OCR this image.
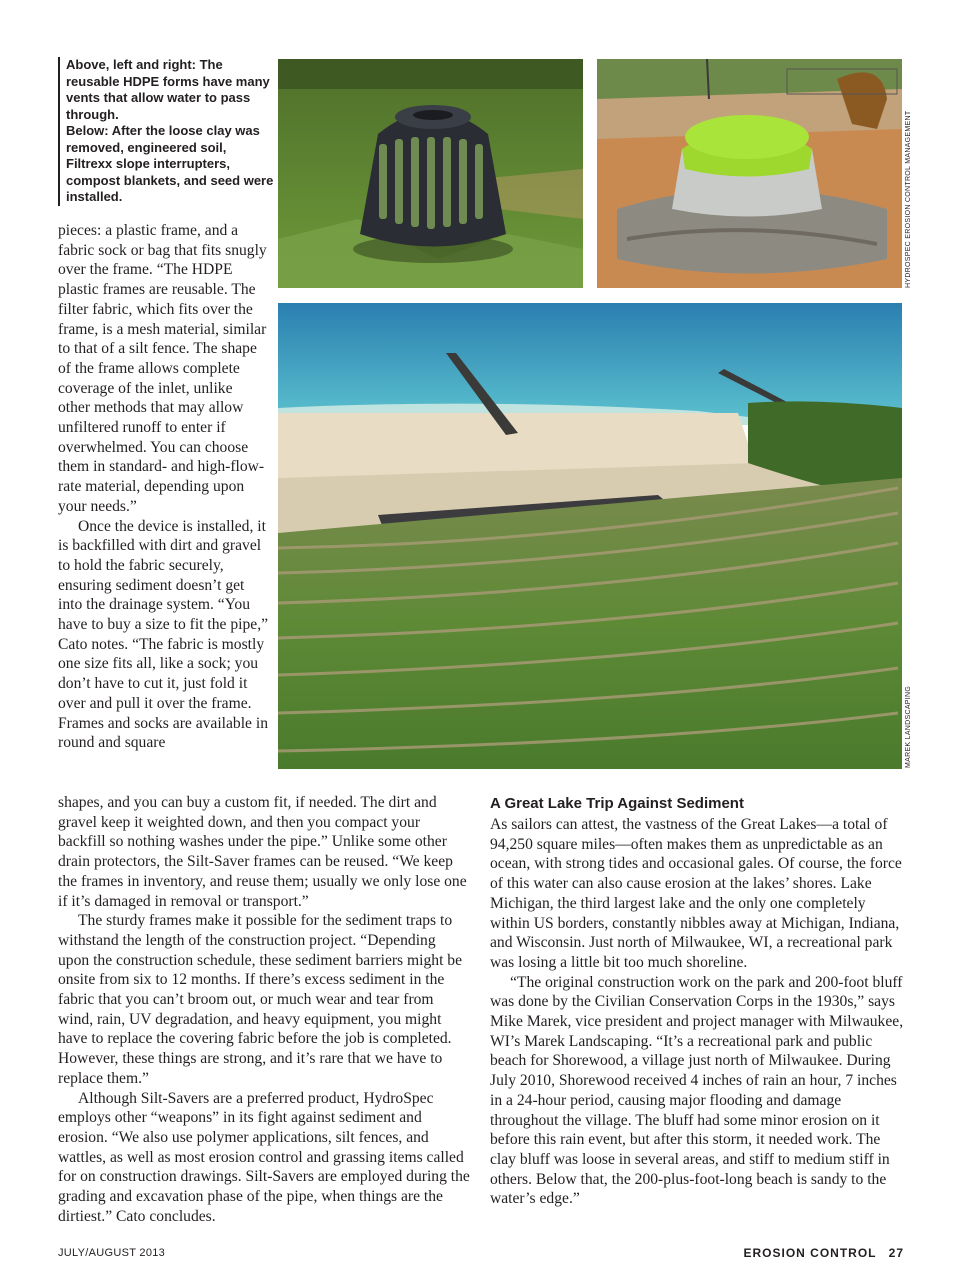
Above, left and right: The reusable HDPE forms have many vents that allow water to pass through.

Below: After the loose clay was removed, engineered soil, Filtrexx slope interrupters, compost blankets, and seed were installed.	HYDROSPEC EROSION CONTROL MANAGEMENT
MAREK LANDSCAPING

pieces: a plastic frame, and a fabric sock or bag that fits snugly over the frame. “The HDPE plastic frames are reusable. The filter fabric, which fits over the frame, is a mesh material, similar to that of a silt fence. The shape of the frame allows complete coverage of the inlet, unlike other methods that may allow unfiltered runoff to enter if overwhelmed. You can choose them in standard- and high-flow-rate material, depending upon your needs.”

Once the device is installed, it is backfilled with dirt and gravel to hold the fabric securely, ensuring sediment doesn’t get into the drainage system. “You have to buy a size to fit the pipe,” Cato notes. “The fabric is mostly one size fits all, like a sock; you don’t have to cut it, just fold it over and pull it over the frame. Frames and socks are available in round and square

shapes, and you can buy a custom fit, if needed. The dirt and gravel keep it weighted down, and then you compact your backfill so nothing washes under the pipe.” Unlike some other drain protectors, the Silt-Saver frames can be reused. “We keep the frames in inventory, and reuse them; usually we only lose one if it’s damaged in removal or transport.”

The sturdy frames make it possible for the sediment traps to withstand the length of the construction project. “Depending upon the construction schedule, these sediment barriers might be onsite from six to 12 months. If there’s excess sediment in the fabric that you can’t broom out, or much wear and tear from wind, rain, UV degradation, and heavy equipment, you might have to replace the covering fabric before the job is completed. However, these things are strong, and it’s rare that we have to replace them.”

Although Silt-Savers are a preferred product, HydroSpec employs other “weapons” in its fight against sediment and erosion. “We also use polymer applications, silt fences, and wattles, as well as most erosion control and grassing items called for on construction drawings. Silt-Savers are employed during the grading and excavation phase of the pipe, when things are the dirtiest.” Cato concludes.

A Great Lake Trip Against Sediment

As sailors can attest, the vastness of the Great Lakes—a total of 94,250 square miles—often makes them as unpredictable as an ocean, with strong tides and occasional gales. Of course, the force of this water can also cause erosion at the lakes’ shores. Lake Michigan, the third largest lake and the only one completely within US borders, constantly nibbles away at Michigan, Indiana, and Wisconsin. Just north of Milwaukee, WI, a recreational park was losing a little bit too much shoreline.

“The original construction work on the park and 200-foot bluff was done by the Civilian Conservation Corps in the 1930s,” says Mike Marek, vice president and project manager with Milwaukee, WI’s Marek Landscaping. “It’s a recreational park and public beach for Shorewood, a village just north of Milwaukee. During July 2010, Shorewood received 4 inches of rain an hour, 7 inches in a 24-hour period, causing major flooding and damage throughout the village. The bluff had some minor erosion on it before this rain event, but after this storm, it needed work. The clay bluff was loose in several areas, and stiff to medium stiff in others. Below that, the 200-plus-foot-long beach is sandy to the water’s edge.”

JULY/AUGUST 2013	EROSION CONTROL 27
